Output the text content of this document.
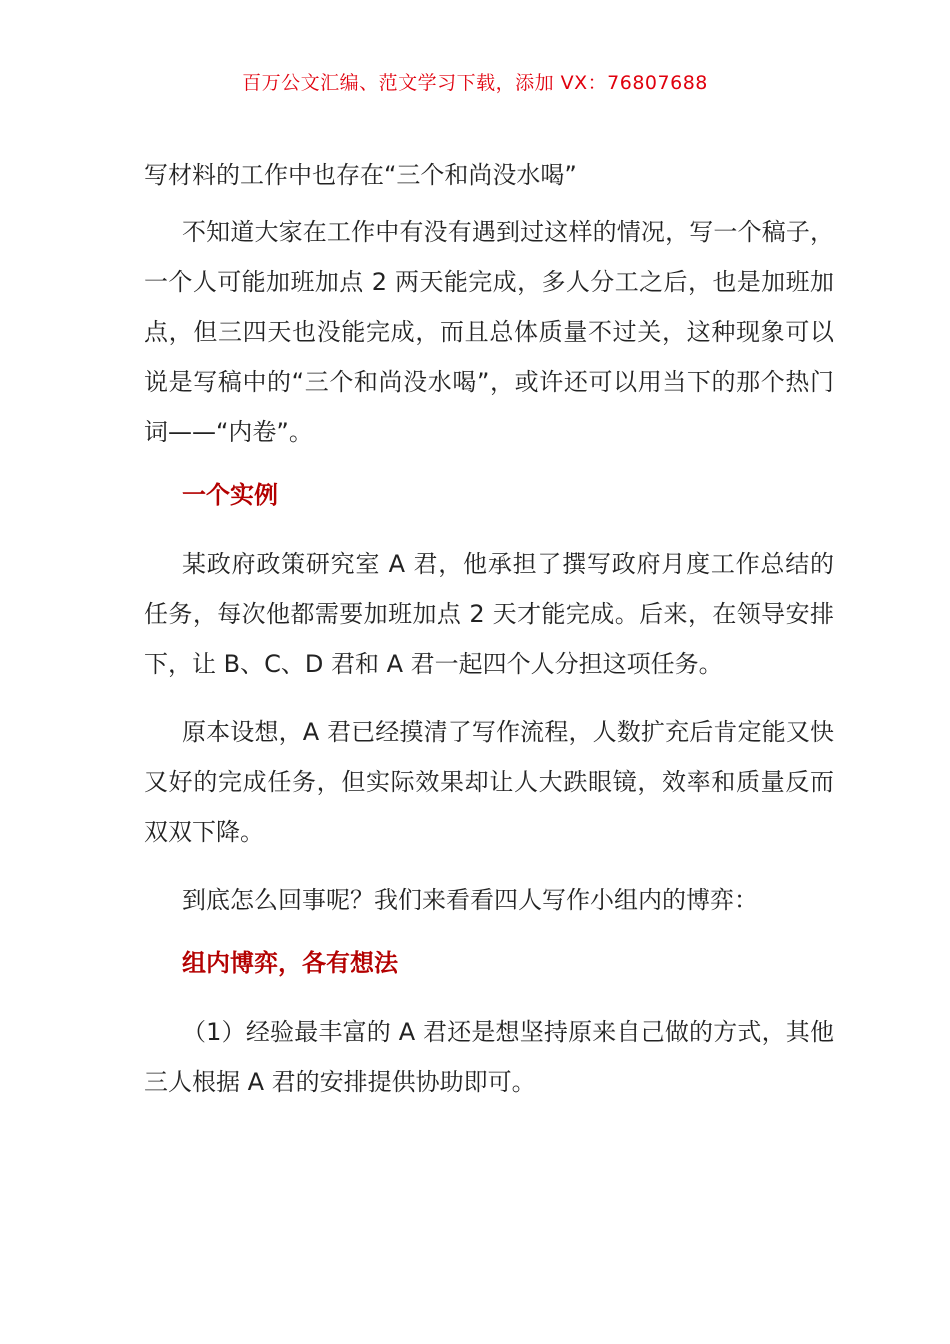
百万公文汇编、范文学习下载，添加 VX：76807688
写材料的工作中也存在“三个和尚没水喝”

不知道大家在工作中有没有遇到过这样的情况，写一个稿子，一个人可能加班加点 2 两天能完成，多人分工之后，也是加班加点，但三四天也没能完成，而且总体质量不过关，这种现象可以说是写稿中的“三个和尚没水喝”，或许还可以用当下的那个热门词——“内卷”。

一个实例

某政府政策研究室 A 君，他承担了撰写政府月度工作总结的任务，每次他都需要加班加点 2 天才能完成。后来，在领导安排下，让 B、C、D 君和 A 君一起四个人分担这项任务。

原本设想，A 君已经摸清了写作流程，人数扩充后肯定能又快又好的完成任务，但实际效果却让人大跌眼镜，效率和质量反而双双下降。

到底怎么回事呢？我们来看看四人写作小组内的博弈：

组内博弈，各有想法

（1）经验最丰富的 A 君还是想坚持原来自己做的方式，其他三人根据 A 君的安排提供协助即可。
